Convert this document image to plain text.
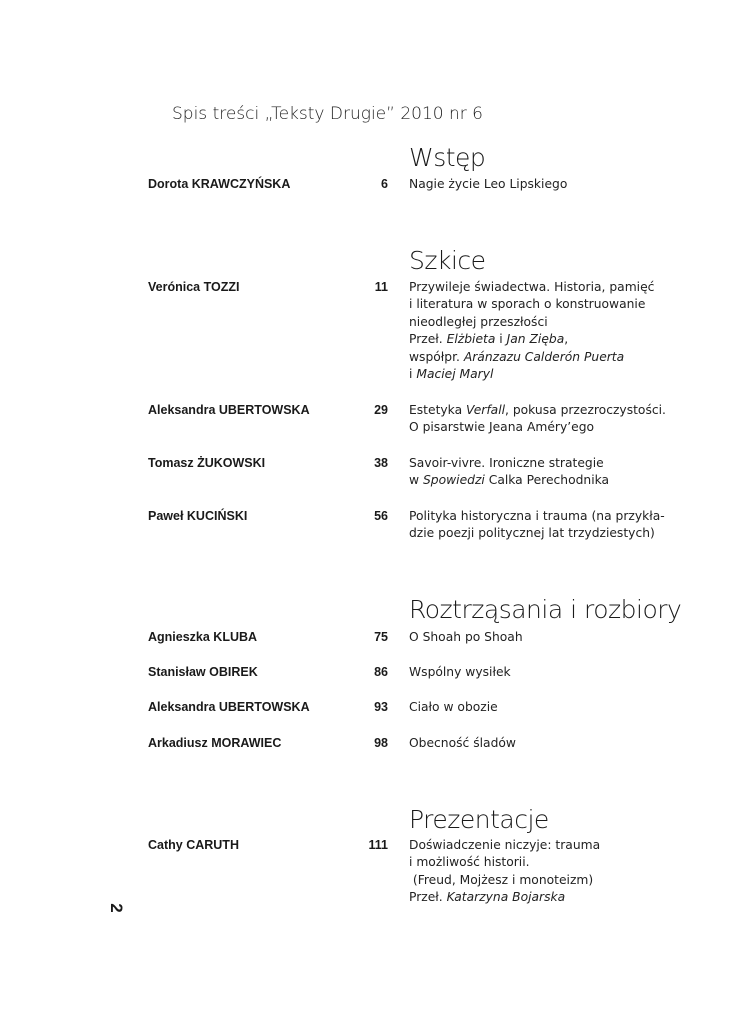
Spis treści „Teksty Drugie” 2010 nr 6
2
Wstęp
Dorota KRAWCZYŃSKA	6 Nagie życie Leo Lipskiego
Szkice
Verónica TOZZI	11 Przywileje świadectwa. Historia, pamięć
i literatura w sporach o konstruowanie
nieodległej przeszłości
Przeł. Elżbieta i Jan Zięba,
współpr. Aránzazu Calderón Puerta
i Maciej Maryl
Aleksandra UBERTOWSKA	29 Estetyka Verfall, pokusa przezroczystości.
O pisarstwie Jeana Améry’ego
Tomasz ŻUKOWSKI	38 Savoir-vivre. Ironiczne strategie
w Spowiedzi Calka Perechodnika
Paweł KUCIŃSKI	56 Polityka historyczna i trauma (na przykła-
dzie poezji politycznej lat trzydziestych)
Roztrząsania i rozbiory
Agnieszka KLUBA	75 O Shoah po Shoah
Stanisław OBIREK	86 Wspólny wysiłek
Aleksandra UBERTOWSKA	93 Ciało w obozie
Arkadiusz MORAWIEC	98 Obecność śladów
Prezentacje
Cathy CARUTH	111 Doświadczenie niczyje: trauma
i możliwość historii.
(Freud, Mojżesz i monoteizm)
Przeł. Katarzyna Bojarska
